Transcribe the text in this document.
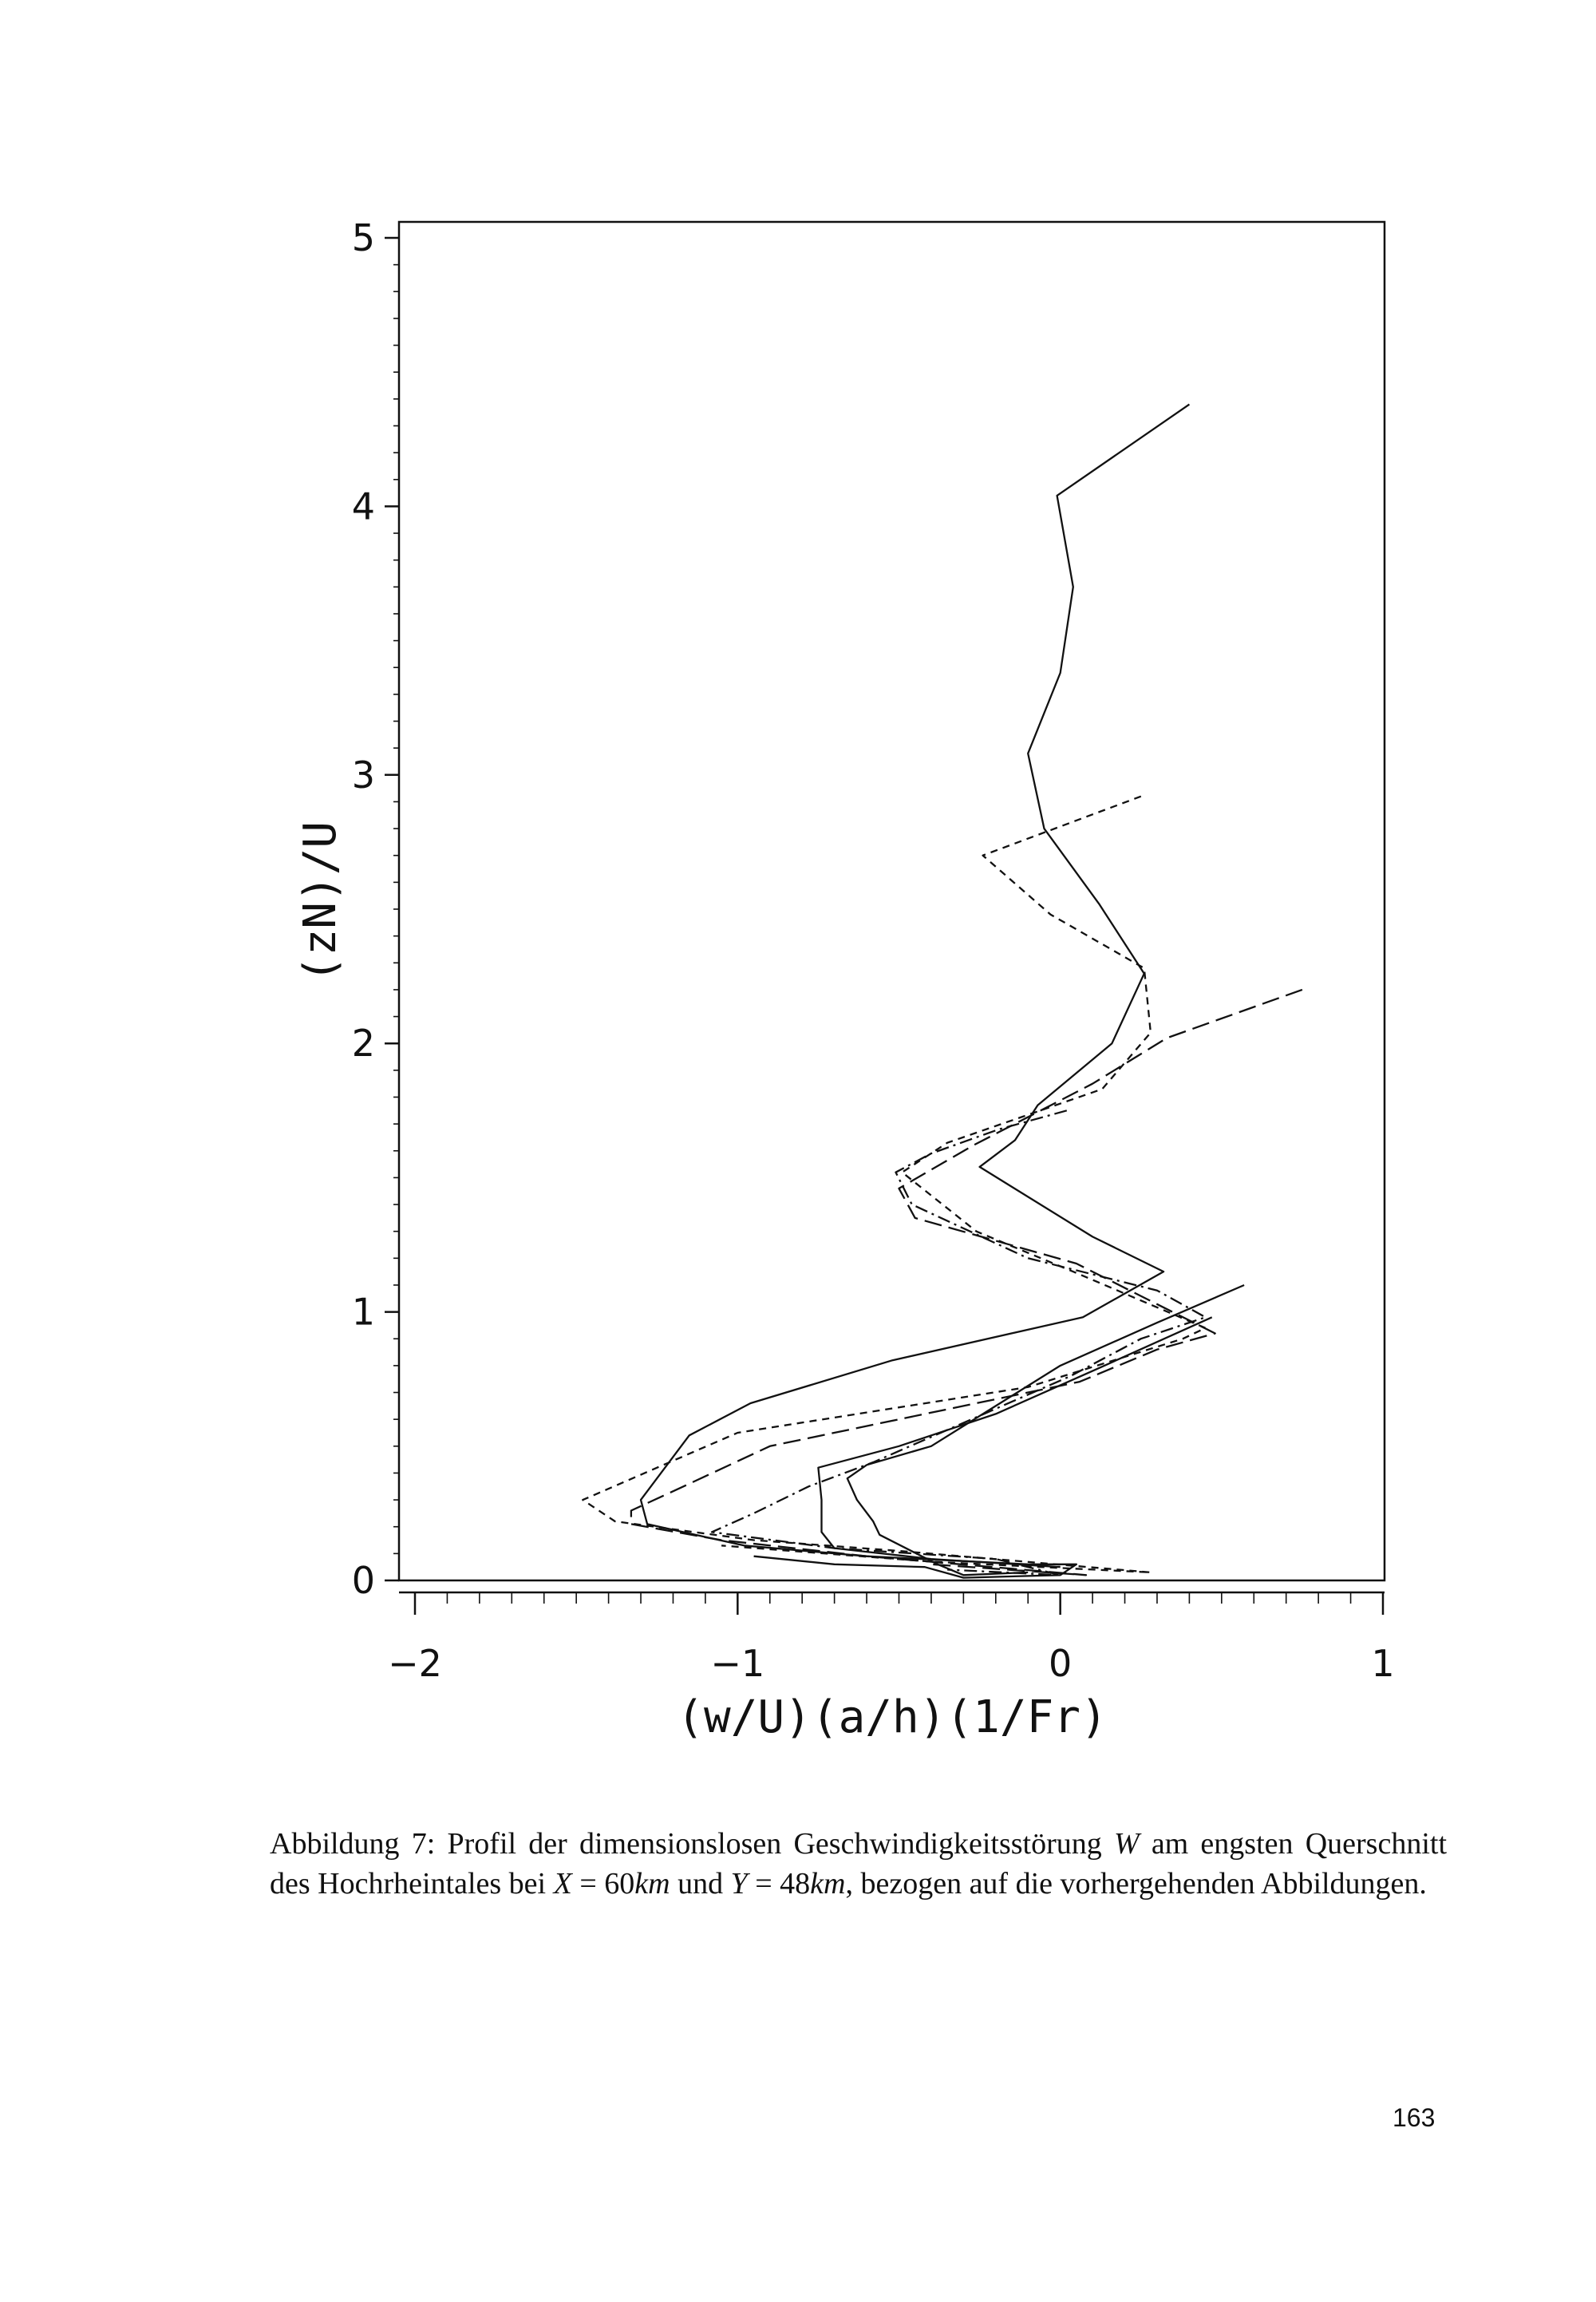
0
1
2
3
4
5
−2	−1	0	1
(w/U)(a/h)(1/Fr)
(zN)/U
Abbildung 7: Profil der dimensionslosen Geschwindigkeitsstörung W am engsten Querschnitt des Hochrheintales bei X = 60km und Y = 48km, bezogen auf die vorhergehenden Abbildungen.
163
